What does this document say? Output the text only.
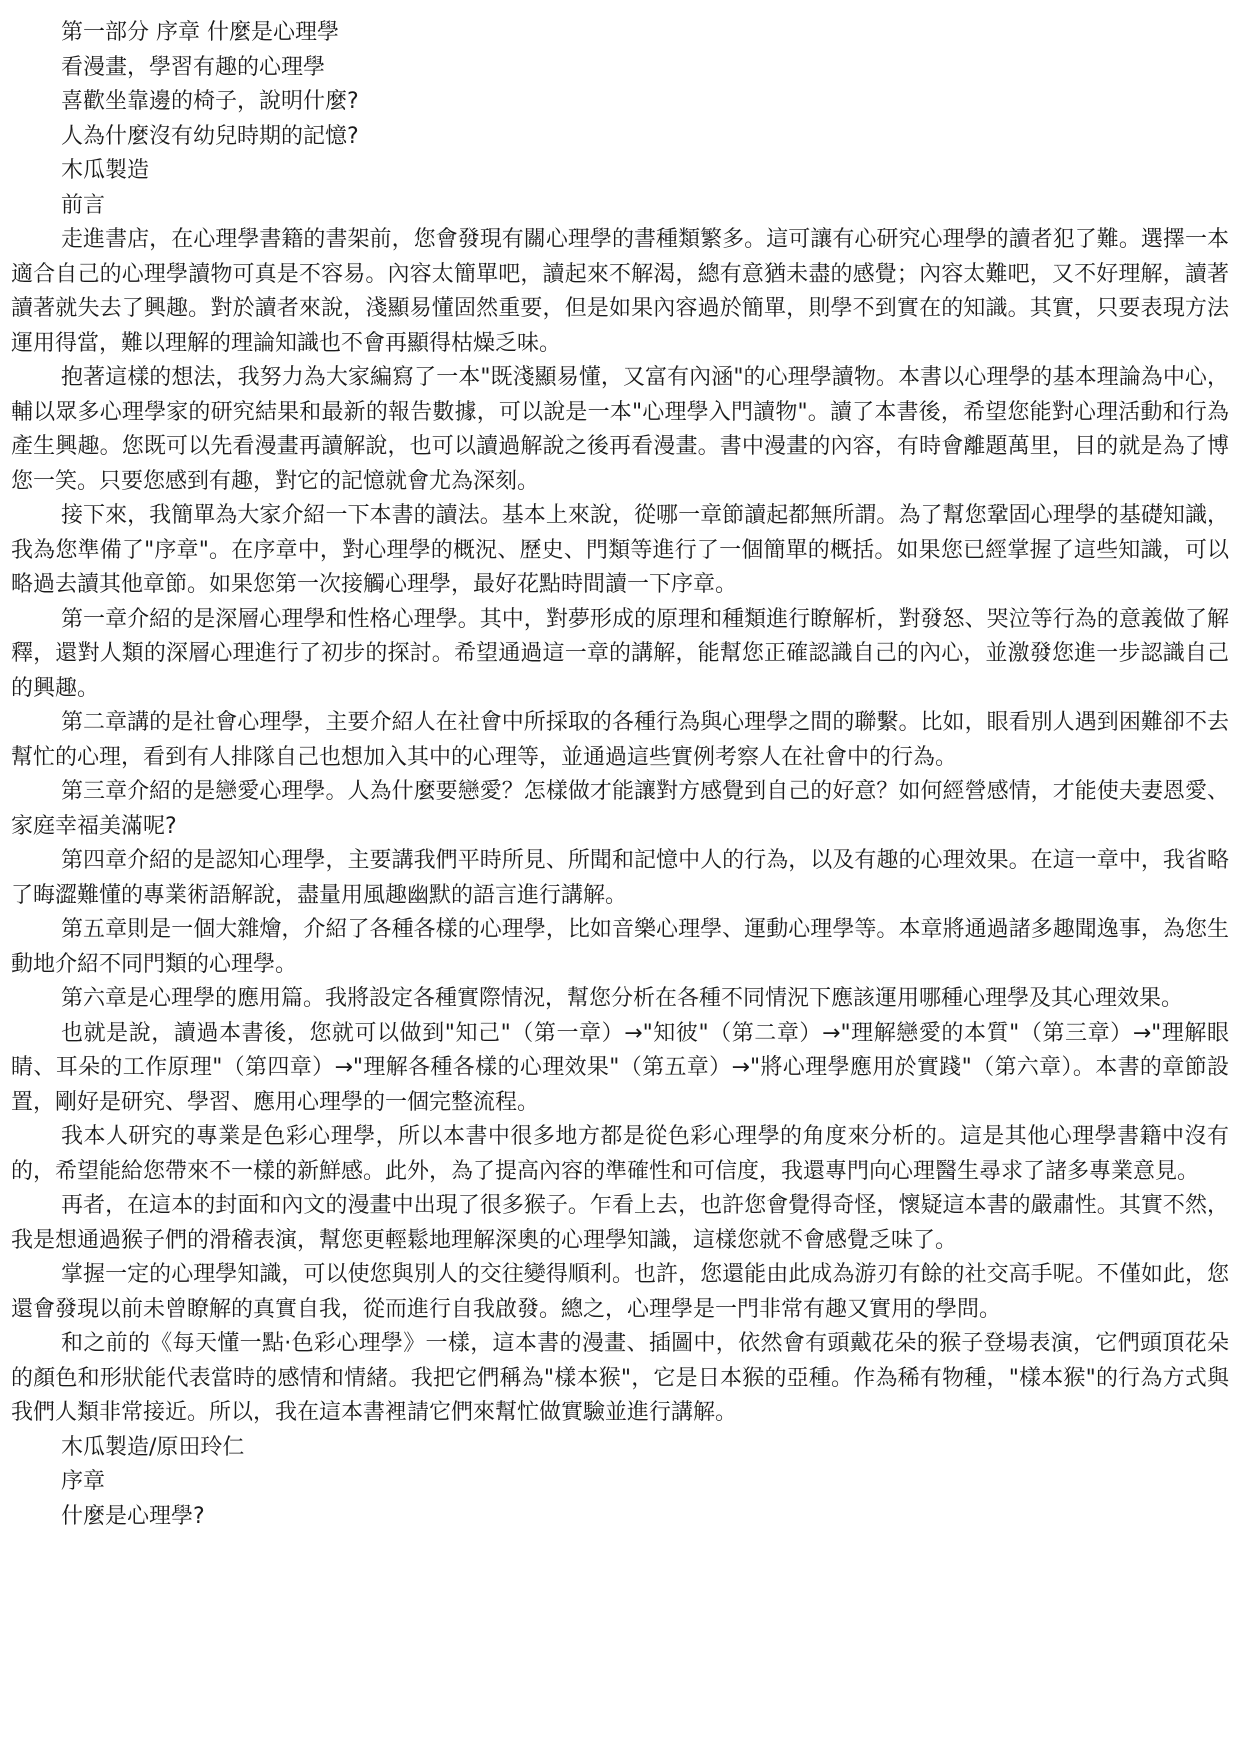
第一部分 序章 什麼是心理學

看漫畫，學習有趣的心理學

喜歡坐靠邊的椅子，說明什麼?

人為什麼沒有幼兒時期的記憶?

木瓜製造

前言

走進書店，在心理學書籍的書架前，您會發現有關心理學的書種類繁多。這可讓有心研究心理學的讀者犯了難。選擇一本適合自己的心理學讀物可真是不容易。內容太簡單吧，讀起來不解渴，總有意猶未盡的感覺；內容太難吧，又不好理解，讀著讀著就失去了興趣。對於讀者來說，淺顯易懂固然重要，但是如果內容過於簡單，則學不到實在的知識。其實，只要表現方法運用得當，難以理解的理論知識也不會再顯得枯燥乏味。

抱著這樣的想法，我努力為大家編寫了一本"既淺顯易懂，又富有內涵"的心理學讀物。本書以心理學的基本理論為中心，輔以眾多心理學家的研究結果和最新的報告數據，可以說是一本"心理學入門讀物"。讀了本書後，希望您能對心理活動和行為產生興趣。您既可以先看漫畫再讀解說，也可以讀過解說之後再看漫畫。書中漫畫的內容，有時會離題萬里，目的就是為了博您一笑。只要您感到有趣，對它的記憶就會尤為深刻。

接下來，我簡單為大家介紹一下本書的讀法。基本上來說，從哪一章節讀起都無所謂。為了幫您鞏固心理學的基礎知識，我為您準備了"序章"。在序章中，對心理學的概況、歷史、門類等進行了一個簡單的概括。如果您已經掌握了這些知識，可以略過去讀其他章節。如果您第一次接觸心理學，最好花點時間讀一下序章。

第一章介紹的是深層心理學和性格心理學。其中，對夢形成的原理和種類進行瞭解析，對發怒、哭泣等行為的意義做了解釋，還對人類的深層心理進行了初步的探討。希望通過這一章的講解，能幫您正確認識自己的內心，並激發您進一步認識自己的興趣。

第二章講的是社會心理學，主要介紹人在社會中所採取的各種行為與心理學之間的聯繫。比如，眼看別人遇到困難卻不去幫忙的心理，看到有人排隊自己也想加入其中的心理等，並通過這些實例考察人在社會中的行為。

第三章介紹的是戀愛心理學。人為什麼要戀愛？怎樣做才能讓對方感覺到自己的好意？如何經營感情，才能使夫妻恩愛、家庭幸福美滿呢?

第四章介紹的是認知心理學，主要講我們平時所見、所聞和記憶中人的行為，以及有趣的心理效果。在這一章中，我省略了晦澀難懂的專業術語解說，盡量用風趣幽默的語言進行講解。

第五章則是一個大雜燴，介紹了各種各樣的心理學，比如音樂心理學、運動心理學等。本章將通過諸多趣聞逸事，為您生動地介紹不同門類的心理學。

第六章是心理學的應用篇。我將設定各種實際情況，幫您分析在各種不同情況下應該運用哪種心理學及其心理效果。

也就是說，讀過本書後，您就可以做到"知己"（第一章）→"知彼"（第二章）→"理解戀愛的本質"（第三章）→"理解眼睛、耳朵的工作原理"（第四章）→"理解各種各樣的心理效果"（第五章）→"將心理學應用於實踐"（第六章）。本書的章節設置，剛好是研究、學習、應用心理學的一個完整流程。

我本人研究的專業是色彩心理學，所以本書中很多地方都是從色彩心理學的角度來分析的。這是其他心理學書籍中沒有的，希望能給您帶來不一樣的新鮮感。此外，為了提高內容的準確性和可信度，我還專門向心理醫生尋求了諸多專業意見。

再者，在這本的封面和內文的漫畫中出現了很多猴子。乍看上去，也許您會覺得奇怪，懷疑這本書的嚴肅性。其實不然，我是想通過猴子們的滑稽表演，幫您更輕鬆地理解深奧的心理學知識，這樣您就不會感覺乏味了。

掌握一定的心理學知識，可以使您與別人的交往變得順利。也許，您還能由此成為游刃有餘的社交高手呢。不僅如此，您還會發現以前未曾瞭解的真實自我，從而進行自我啟發。總之，心理學是一門非常有趣又實用的學問。

和之前的《每天懂一點·色彩心理學》一樣，這本書的漫畫、插圖中，依然會有頭戴花朵的猴子登場表演，它們頭頂花朵的顏色和形狀能代表當時的感情和情緒。我把它們稱為"樣本猴"，它是日本猴的亞種。作為稀有物種，"樣本猴"的行為方式與我們人類非常接近。所以，我在這本書裡請它們來幫忙做實驗並進行講解。

木瓜製造/原田玲仁

序章

什麼是心理學?
